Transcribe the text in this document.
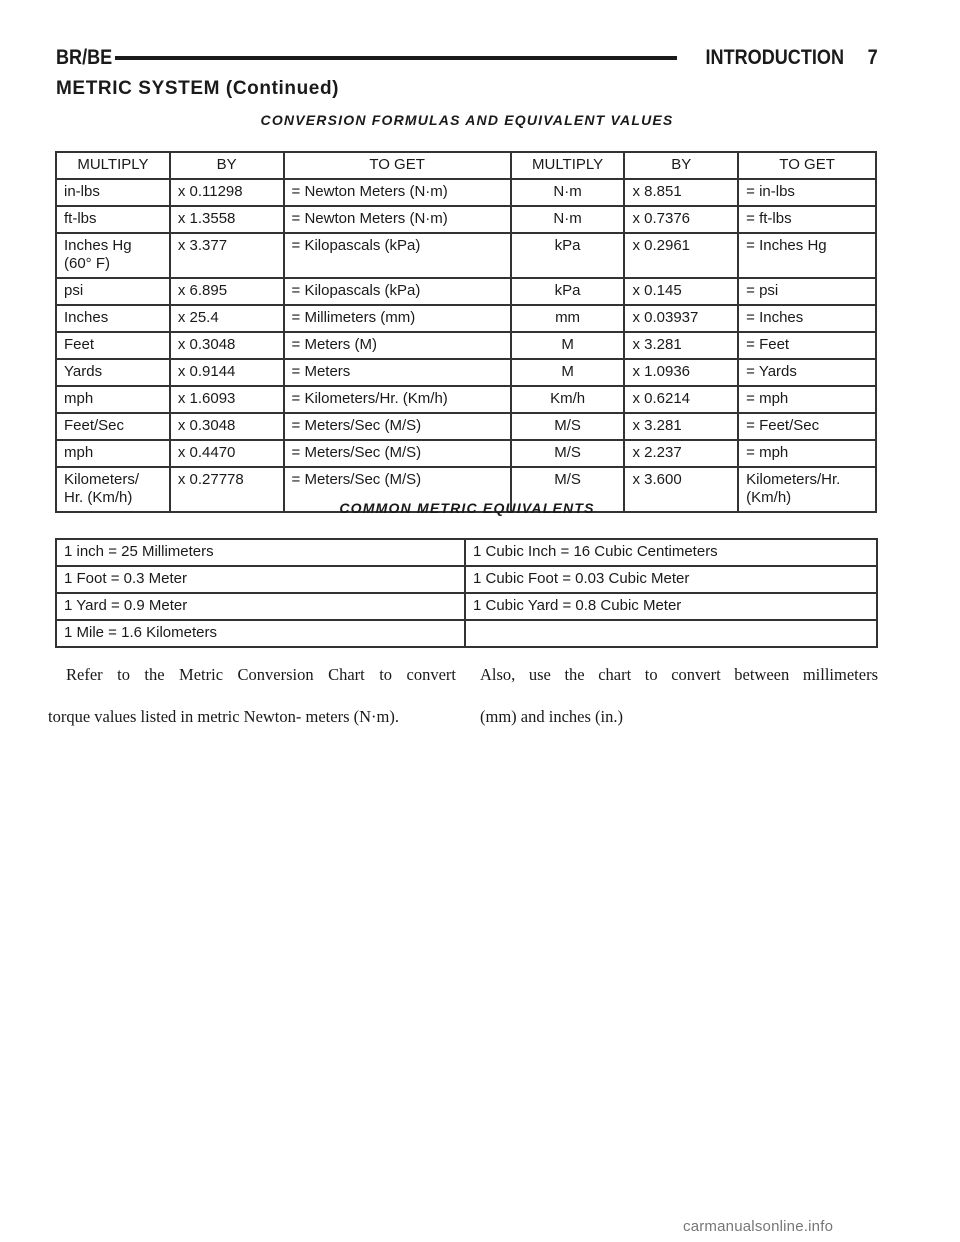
BR/BE	INTRODUCTION 7
METRIC SYSTEM (Continued)
CONVERSION FORMULAS AND EQUIVALENT VALUES
MULTIPLY	BY	TO GET	MULTIPLY	BY	TO GET
in-lbs	x 0.11298	= Newton Meters (N·m)	N·m	x 8.851	= in-lbs
ft-lbs	x 1.3558	= Newton Meters (N·m)	N·m	x 0.7376	= ft-lbs
Inches Hg
(60° F)	x 3.377	= Kilopascals (kPa)	kPa	x 0.2961	= Inches Hg
psi	x 6.895	= Kilopascals (kPa)	kPa	x 0.145	= psi
Inches	x 25.4	= Millimeters (mm)	mm	x 0.03937	= Inches
Feet	x 0.3048	= Meters (M)	M	x 3.281	= Feet
Yards	x 0.9144	= Meters	M	x 1.0936	= Yards
mph	x 1.6093	= Kilometers/Hr. (Km/h)	Km/h	x 0.6214	= mph
Feet/Sec	x 0.3048	= Meters/Sec (M/S)	M/S	x 3.281	= Feet/Sec
mph	x 0.4470	= Meters/Sec (M/S)	M/S	x 2.237	= mph
Kilometers/
Hr. (Km/h)	x 0.27778	= Meters/Sec (M/S)	M/S	x 3.600	Kilometers/Hr.
(Km/h)
COMMON METRIC EQUIVALENTS
1 inch = 25 Millimeters	1 Cubic Inch = 16 Cubic Centimeters
1 Foot = 0.3 Meter	1 Cubic Foot = 0.03 Cubic Meter
1 Yard = 0.9 Meter	1 Cubic Yard = 0.8 Cubic Meter
1 Mile = 1.6 Kilometers	
Refer to the Metric Conversion Chart to convert
torque values listed in metric Newton- meters (N·m).
Also, use the chart to convert between millimeters
(mm) and inches (in.)
carmanualsonline.info
